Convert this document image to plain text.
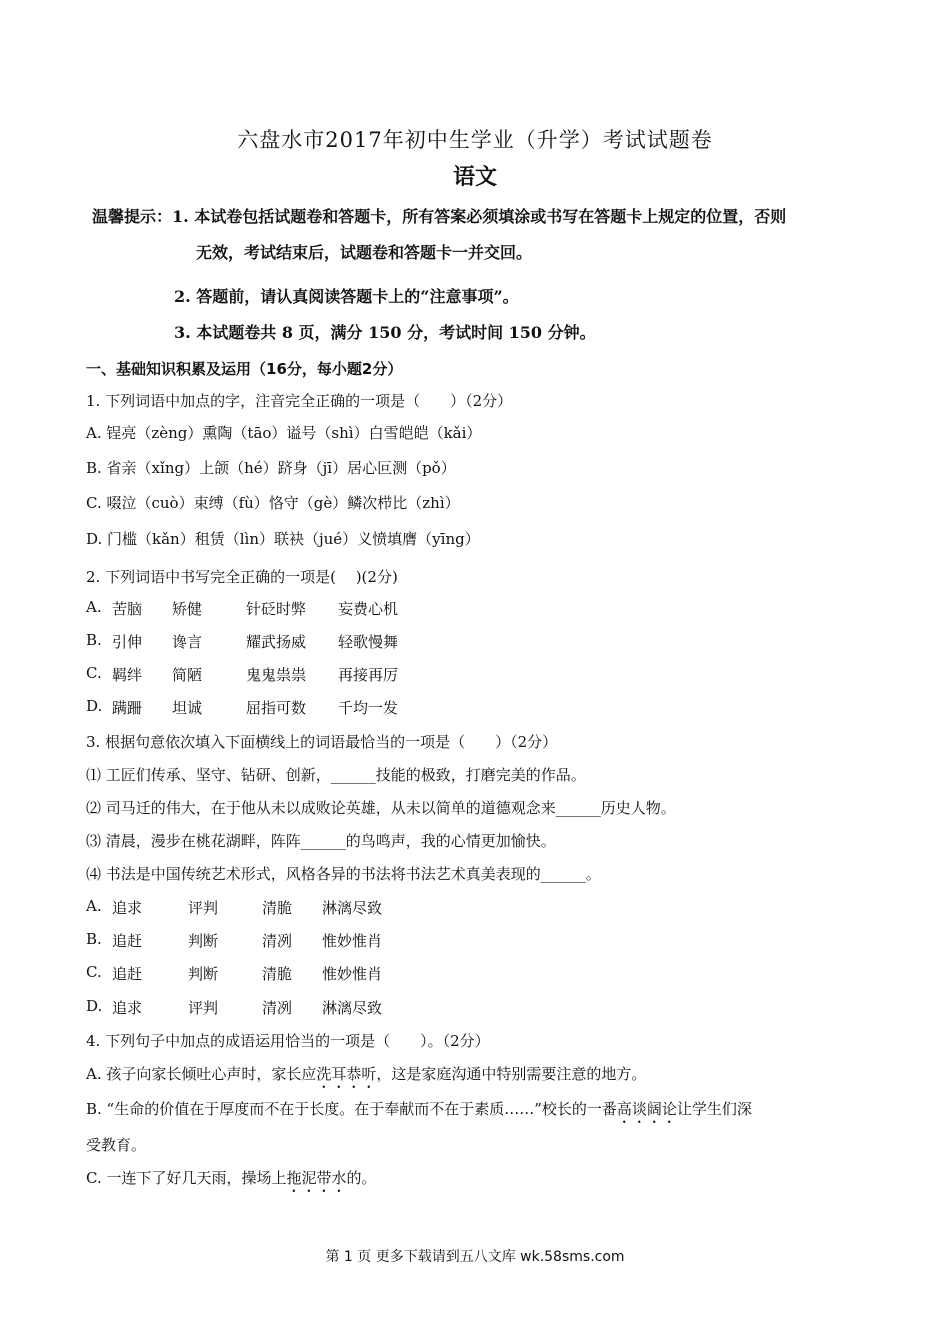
六盘水市2017年初中生学业（升学）考试试题卷
语文
温馨提示：1. 本试卷包括试题卷和答题卡，所有答案必须填涂或书写在答题卡上规定的位置，否则
无效，考试结束后，试题卷和答题卡一并交回。
2. 答题前，请认真阅读答题卡上的“注意事项”。
3. 本试题卷共 8 页，满分 150 分，考试时间 150 分钟。
一、基础知识积累及运用（16分，每小题2分）
1. 下列词语中加点的字，注音完全正确的一项是（　　）（2分）
A. 锃亮（zèng）熏陶（tāo）谥号（shì）白雪皑皑（kǎi）
B. 省亲（xǐng）上颌（hé）跻身（jī）居心叵测（pǒ）
C. 啜泣（cuò）束缚（fù）恪守（gè）鳞次栉比（zhì）
D. 门槛（kǎn）租赁（lìn）联袂（jué）义愤填膺（yīng）
2. 下列词语中书写完全正确的一项是(　 )(2分)
A. 苦脑 矫健	针砭时弊 妄费心机
B. 引伸 谗言	耀武扬威 轻歌慢舞
C. 羁绊 简陋	鬼鬼祟祟 再接再厉
D. 蹒跚 坦诚	屈指可数 千均一发
3. 根据句意依次填入下面横线上的词语最恰当的一项是（　　）（2分）
⑴ 工匠们传承、坚守、钻研、创新，______技能的极致，打磨完美的作品。
⑵ 司马迁的伟大，在于他从未以成败论英雄，从未以简单的道德观念来______历史人物。
⑶ 清晨，漫步在桃花湖畔，阵阵______的鸟鸣声，我的心情更加愉快。
⑷ 书法是中国传统艺术形式，风格各异的书法将书法艺术真美表现的______。
A. 追求	评判	清脆 淋漓尽致
B. 追赶	判断	清冽 惟妙惟肖
C. 追赶	判断	清脆 惟妙惟肖
D. 追求	评判	清冽 淋漓尽致
4. 下列句子中加点的成语运用恰当的一项是（　　）。（2分）
A. 孩子向家长倾吐心声时，家长应洗耳恭听，这是家庭沟通中特别需要注意的地方。
B. “生命的价值在于厚度而不在于长度。在于奉献而不在于素质……”校长的一番高谈阔论让学生们深
受教育。
C. 一连下了好几天雨，操场上拖泥带水的。
第 1 页 更多下载请到五八文库 wk.58sms.com
